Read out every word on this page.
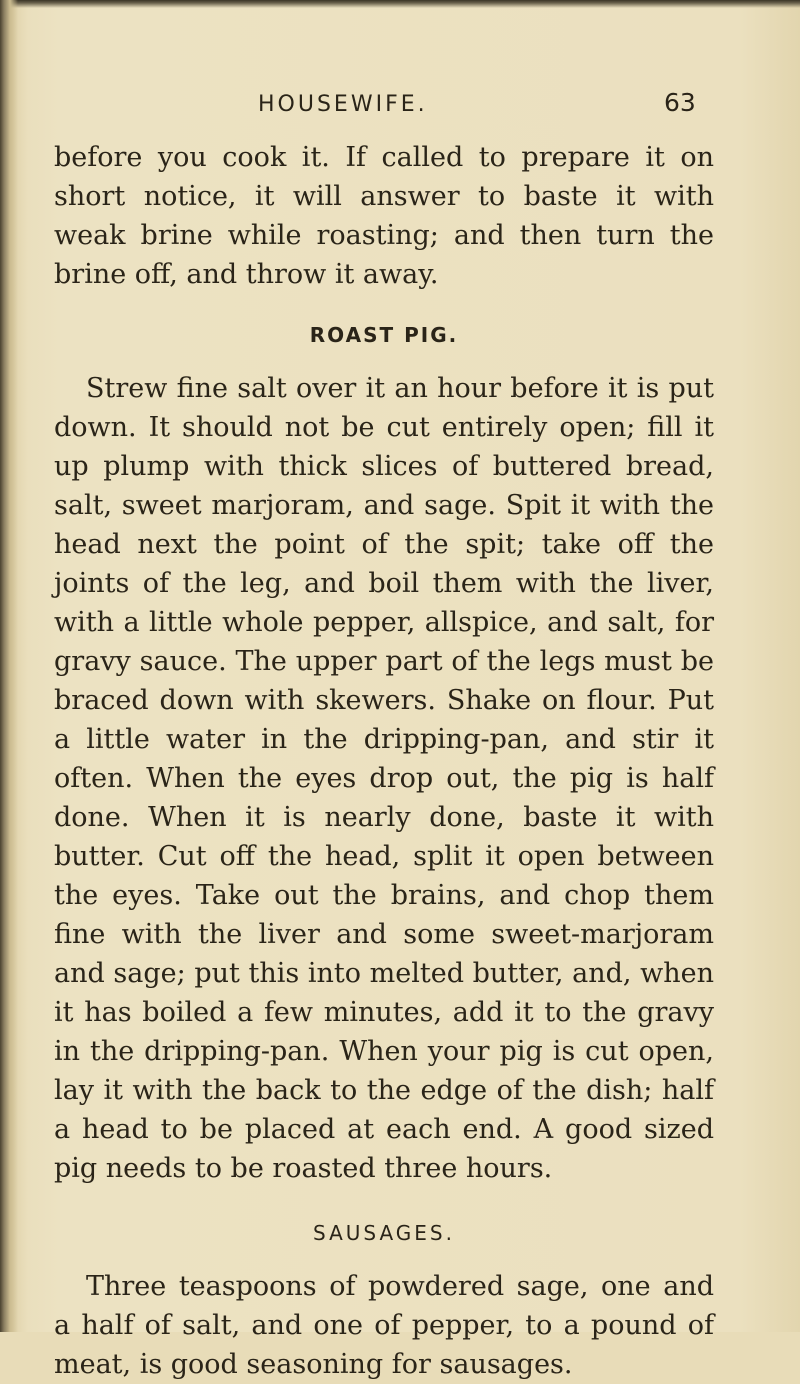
HOUSEWIFE.	63

before you cook it. If called to prepare it on short notice, it will answer to baste it with weak brine while roasting; and then turn the brine off, and throw it away.

ROAST PIG.

Strew fine salt over it an hour before it is put down. It should not be cut entirely open; fill it up plump with thick slices of buttered bread, salt, sweet marjoram, and sage. Spit it with the head next the point of the spit; take off the joints of the leg, and boil them with the liver, with a little whole pepper, allspice, and salt, for gravy sauce. The upper part of the legs must be braced down with skewers. Shake on flour. Put a little water in the dripping-pan, and stir it often. When the eyes drop out, the pig is half done. When it is nearly done, baste it with butter. Cut off the head, split it open between the eyes. Take out the brains, and chop them fine with the liver and some sweet-marjoram and sage; put this into melted butter, and, when it has boiled a few minutes, add it to the gravy in the dripping-pan. When your pig is cut open, lay it with the back to the edge of the dish; half a head to be placed at each end. A good sized pig needs to be roasted three hours.

SAUSAGES.

Three teaspoons of powdered sage, one and a half of salt, and one of pepper, to a pound of meat, is good seasoning for sausages.
